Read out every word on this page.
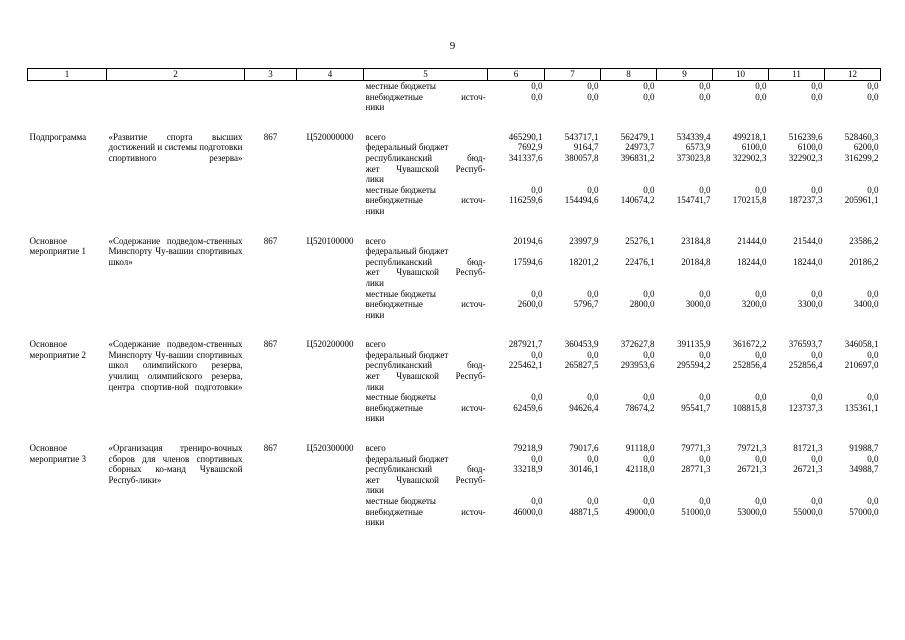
9
1	2	3	4	5	6	7	8	9	10	11	12

				местные бюджеты	0,0	0,0	0,0	0,0	0,0	0,0	0,0

				внебюджетные источ-
ники	0,0	0,0	0,0	0,0	0,0	0,0	0,0

Подпрограмма	«Развитие спорта высших достижений и системы подготовки спортивного резерва»	867	Ц520000000	всего	465290,1	543717,1	562479,1	534339,4	499218,1	516239,6	528460,3

				федеральный бюджет	7692,9	9164,7	24973,7	6573,9	6100,0	6100,0	6200,0

				республиканский бюд-
жет Чувашской Респуб-
лики	341337,6	380057,8	396831,2	373023,8	322902,3	322902,3	316299,2

				местные бюджеты	0,0	0,0	0,0	0,0	0,0	0,0	0,0

				внебюджетные источ-
ники	116259,6	154494,6	140674,2	154741,7	170215,8	187237,3	205961,1

Основное мероприятие 1	«Содержание подведом-ственных Минспорту Чу-вашии спортивных школ»	867	Ц520100000	всего	20194,6	23997,9	25276,1	23184,8	21444,0	21544,0	23586,2

				федеральный бюджет							

				республиканский бюд-
жет Чувашской Респуб-
лики	17594,6	18201,2	22476,1	20184,8	18244,0	18244,0	20186,2

				местные бюджеты	0,0	0,0	0,0	0,0	0,0	0,0	0,0

				внебюджетные источ-
ники	2600,0	5796,7	2800,0	3000,0	3200,0	3300,0	3400,0

Основное мероприятие 2	«Содержание подведом-ственных Минспорту Чу-вашии спортивных школ олимпийского резерва, училищ олимпийского резерва, центра спортив-ной подготовки»	867	Ц520200000	всего	287921,7	360453,9	372627,8	391135,9	361672,2	376593,7	346058,1

				федеральный бюджет	0,0	0,0	0,0	0,0	0,0	0,0	0,0

				республиканский бюд-
жет Чувашской Респуб-
лики	225462,1	265827,5	293953,6	295594,2	252856,4	252856,4	210697,0

				местные бюджеты	0,0	0,0	0,0	0,0	0,0	0,0	0,0

				внебюджетные источ-
ники	62459,6	94626,4	78674,2	95541,7	108815,8	123737,3	135361,1

Основное мероприятие 3	«Организация трениро-вочных сборов для членов спортивных сборных ко-манд Чувашской Респуб-лики»	867	Ц520300000	всего	79218,9	79017,6	91118,0	79771,3	79721,3	81721,3	91988,7

				федеральный бюджет	0,0	0,0	0,0	0,0	0,0	0,0	0,0

				республиканский бюд-
жет Чувашской Респуб-
лики	33218,9	30146,1	42118,0	28771,3	26721,3	26721,3	34988,7

				местные бюджеты	0,0	0,0	0,0	0,0	0,0	0,0	0,0

				внебюджетные источ-
ники	46000,0	48871,5	49000,0	51000,0	53000,0	55000,0	57000,0
